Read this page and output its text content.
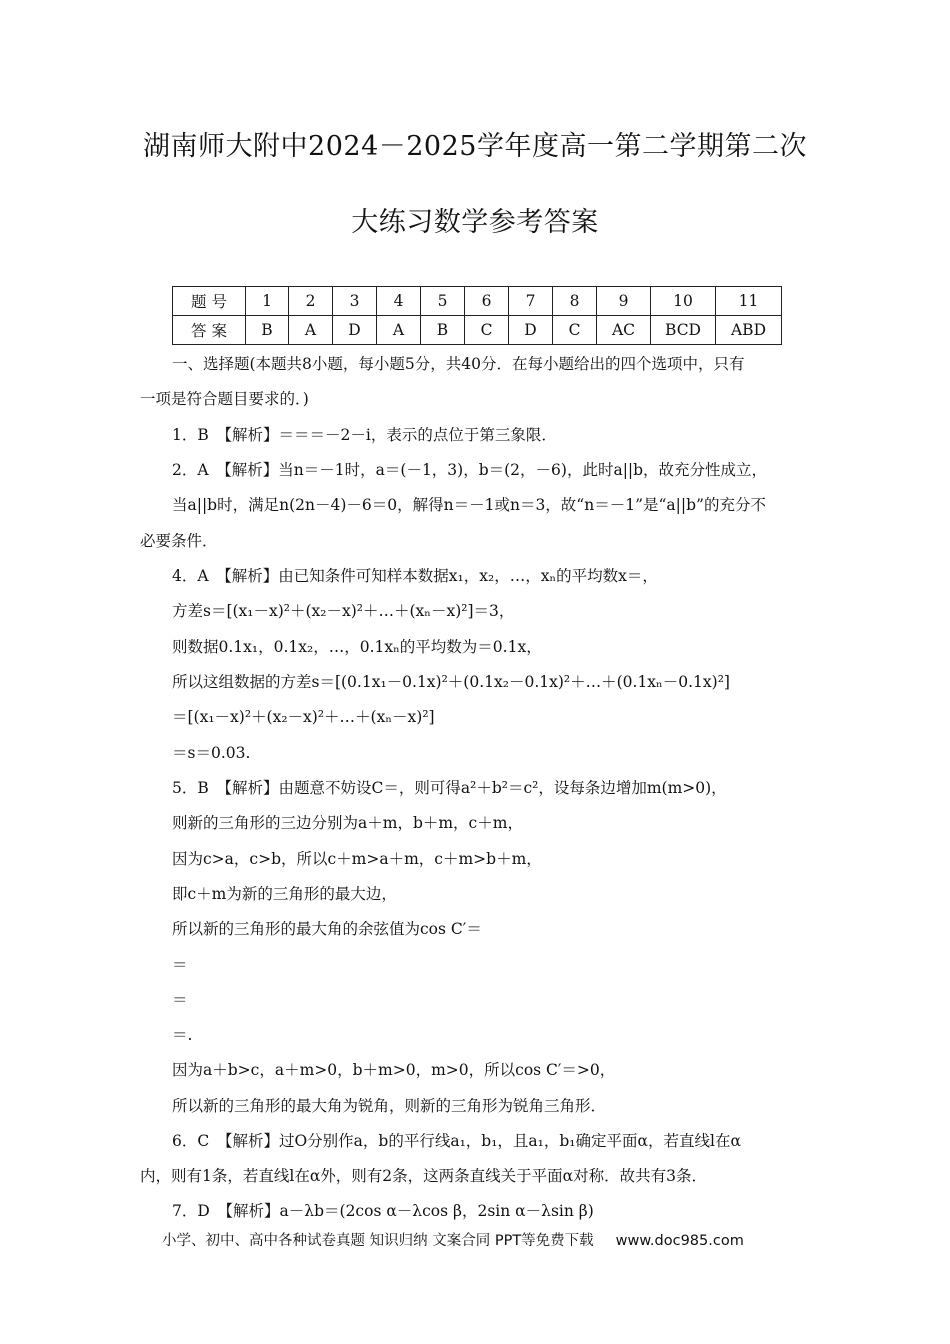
湖南师大附中2024－2025学年度高一第二学期第二次
大练习数学参考答案
题 号	1	2	3	4	5	6	7	8	9	10	11
答 案	B	A	D	A	B	C	D	C	AC	BCD	ABD
一、选择题(本题共8小题，每小题5分，共40分．在每小题给出的四个选项中，只有
一项是符合题目要求的．)
1．B　【解析】＝＝＝－2－i，表示的点位于第三象限．
2．A　【解析】当n＝－1时，a＝(－1，3)，b＝(2，－6)，此时a||b，故充分性成立，
当a||b时，满足n(2n－4)－6＝0，解得n＝－1或n＝3，故“n＝－1”是“a||b”的充分不
必要条件．
4．A　【解析】由已知条件可知样本数据x₁，x₂，…，xₙ的平均数x＝，
方差s＝[(x₁－x)²＋(x₂－x)²＋…＋(xₙ－x)²]＝3，
则数据0.1x₁，0.1x₂，…，0.1xₙ的平均数为＝0.1x，
所以这组数据的方差s＝[(0.1x₁－0.1x)²＋(0.1x₂－0.1x)²＋…＋(0.1xₙ－0.1x)²]
＝[(x₁－x)²＋(x₂－x)²＋…＋(xₙ－x)²]
＝s＝0.03.
5．B　【解析】由题意不妨设C＝，则可得a²＋b²＝c²，设每条边增加m(m>0)，
则新的三角形的三边分别为a＋m，b＋m，c＋m，
因为c>a，c>b，所以c＋m>a＋m，c＋m>b＋m，
即c＋m为新的三角形的最大边，
所以新的三角形的最大角的余弦值为cos C′＝
＝
＝
＝.
因为a＋b>c，a＋m>0，b＋m>0，m>0，所以cos C′＝>0，
所以新的三角形的最大角为锐角，则新的三角形为锐角三角形．
6．C　【解析】过O分别作a，b的平行线a₁，b₁，且a₁，b₁确定平面α，若直线l在α
内，则有1条，若直线l在α外，则有2条，这两条直线关于平面α对称．故共有3条．
7．D　【解析】a－λb＝(2cos α－λcos β，2sin α－λsin β)
小学、初中、高中各种试卷真题 知识归纳 文案合同 PPT等免费下载 www.doc985.com
